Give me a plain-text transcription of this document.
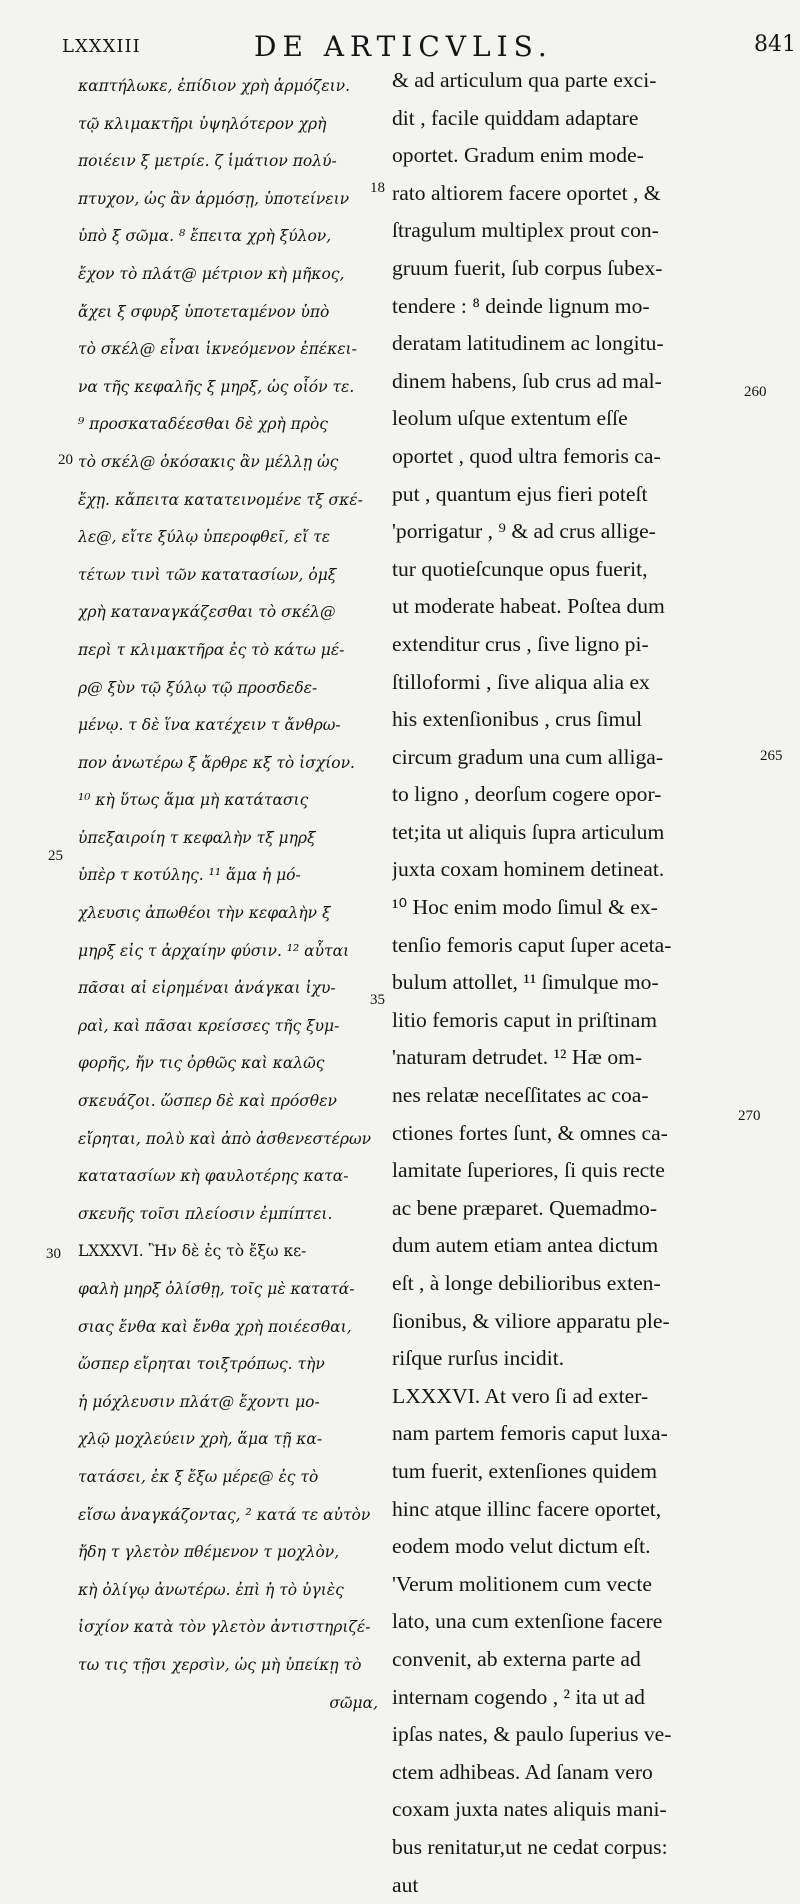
LXXXIII	DE ARTICVLIS.	841
καπτήλωκε, ἐπίδιον χρὴ ἁρμόζειν.
τῷ κλιμακτῆρι ὑψηλότερον χρὴ
ποιέειν ξ μετρίε. ζ ἱμάτιον πολύ-
πτυχον, ὡς ἂν ἁρμόσῃ, ὑποτείνειν
ὑπὸ ξ σῶμα. ⁸ ἔπειτα χρὴ ξύλον,
ἔχον τὸ πλάτ@ μέτριον κὴ μῆκος,
ἄχει ξ σφυρξ ὑποτεταμένον ὑπὸ
τὸ σκέλ@ εἶναι ἱκνεόμενον ἐπέκει-
να τῆς κεφαλῆς ξ μηρξ, ὡς οἷόν τε.
⁹ προσκαταδέεσθαι δὲ χρὴ πρὸς
τὸ σκέλ@ ὁκόσακις ἂν μέλλῃ ὡς
ἔχῃ. κἄπειτα κατατεινομένε τξ σκέ-
λε@, εἴτε ξύλῳ ὑπεροφθεῖ, εἴ τε
τέτων τινὶ τῶν κατατασίων, ὁμξ
χρὴ καταναγκάζεσθαι τὸ σκέλ@
περὶ τ κλιμακτῆρα ἐς τὸ κάτω μέ-
ρ@ ξὺν τῷ ξύλῳ τῷ προσδεδε-
μένῳ. τ δὲ ἵνα κατέχειν τ ἄνθρω-
πον ἀνωτέρω ξ ἄρθρε κξ τὸ ἰσχίον.
¹⁰ κὴ ὕτως ἅμα μὴ κατάτασις
ὑπεξαιροίη τ κεφαλὴν τξ μηρξ
ὑπὲρ τ κοτύλης. ¹¹ ἅμα ἡ μό-
χλευσις ἀπωθέοι τὴν κεφαλὴν ξ
μηρξ εἰς τ ἀρχαίην φύσιν. ¹² αὗται
πᾶσαι αἱ εἰρημέναι ἀνάγκαι ἰχυ-
ραὶ, καὶ πᾶσαι κρείσσες τῆς ξυμ-
φορῆς, ἤν τις ὀρθῶς καὶ καλῶς
σκευάζοι. ὥσπερ δὲ καὶ πρόσθεν
εἴρηται, πολὺ καὶ ἀπὸ ἀσθενεστέρων
κατατασίων κὴ φαυλοτέρης κατα-
σκευῆς τοῖσι πλείοσιν ἐμπίπτει.
LXXXVI. Ἢν δὲ ἐς τὸ ἔξω κε-
φαλὴ μηρξ ὀλίσθῃ, τοῖς μὲ κατατά-
σιας ἔνθα καὶ ἔνθα χρὴ ποιέεσθαι,
ὥσπερ εἴρηται τοιξτρόπως. τὴν
ἡ μόχλευσιν πλάτ@ ἔχοντι μο-
χλῷ μοχλεύειν χρὴ, ἅμα τῇ κα-
τατάσει, ἐκ ξ ἔξω μέρε@ ἐς τὸ
εἴσω ἀναγκάζοντας, ² κατά τε αὐτὸν
ἤδη τ γλετὸν πθέμενον τ μοχλὸν,
κὴ ὀλίγῳ ἀνωτέρω. ἐπὶ ἡ τὸ ὑγιὲς
ἰσχίον κατὰ τὸν γλετὸν ἀντιστηριζέ-
τω τις τῇσι χερσὶν, ὡς μὴ ὑπείκῃ τὸ
σῶμα,
& ad articulum qua parte exci-
dit , facile quiddam adaptare
oportet. Gradum enim mode-
rato altiorem facere oportet , &
ſtragulum multiplex prout con-
gruum fuerit, ſub corpus ſubex-
tendere : ⁸ deinde lignum mo-
deratam latitudinem ac longitu-
dinem habens, ſub crus ad mal-
leolum uſque extentum eſſe
oportet , quod ultra femoris ca-
put , quantum ejus fieri poteſt
'porrigatur , ⁹ & ad crus allige-
tur quotieſcunque opus fuerit,
ut moderate habeat. Poſtea dum
extenditur crus , ſive ligno pi-
ſtilloformi , ſive aliqua alia ex
his extenſionibus , crus ſimul
circum gradum una cum alliga-
to ligno , deorſum cogere opor-
tet;ita ut aliquis ſupra articulum
juxta coxam hominem detineat.
¹⁰ Hoc enim modo ſimul & ex-
tenſio femoris caput ſuper aceta-
bulum attollet, ¹¹ ſimulque mo-
litio femoris caput in priſtinam
'naturam detrudet. ¹² Hæ om-
nes relatæ neceſſitates ac coa-
ctiones fortes ſunt, & omnes ca-
lamitate ſuperiores, ſi quis recte
ac bene præparet. Quemadmo-
dum autem etiam antea dictum
eſt , à longe debilioribus exten-
ſionibus, & viliore apparatu ple-
riſque rurſus incidit.
LXXXVI. At vero ſi ad exter-
nam partem femoris caput luxa-
tum fuerit, extenſiones quidem
hinc atque illinc facere oportet,
eodem modo velut dictum eſt.
'Verum molitionem cum vecte
lato, una cum extenſione facere
convenit, ab externa parte ad
internam cogendo , ² ita ut ad
ipſas nates, & paulo ſuperius ve-
ctem adhibeas. Ad ſanam vero
coxam juxta nates aliquis mani-
bus renitatur,ut ne cedat corpus:
aut
18
20
25
35
30
260
265
270
